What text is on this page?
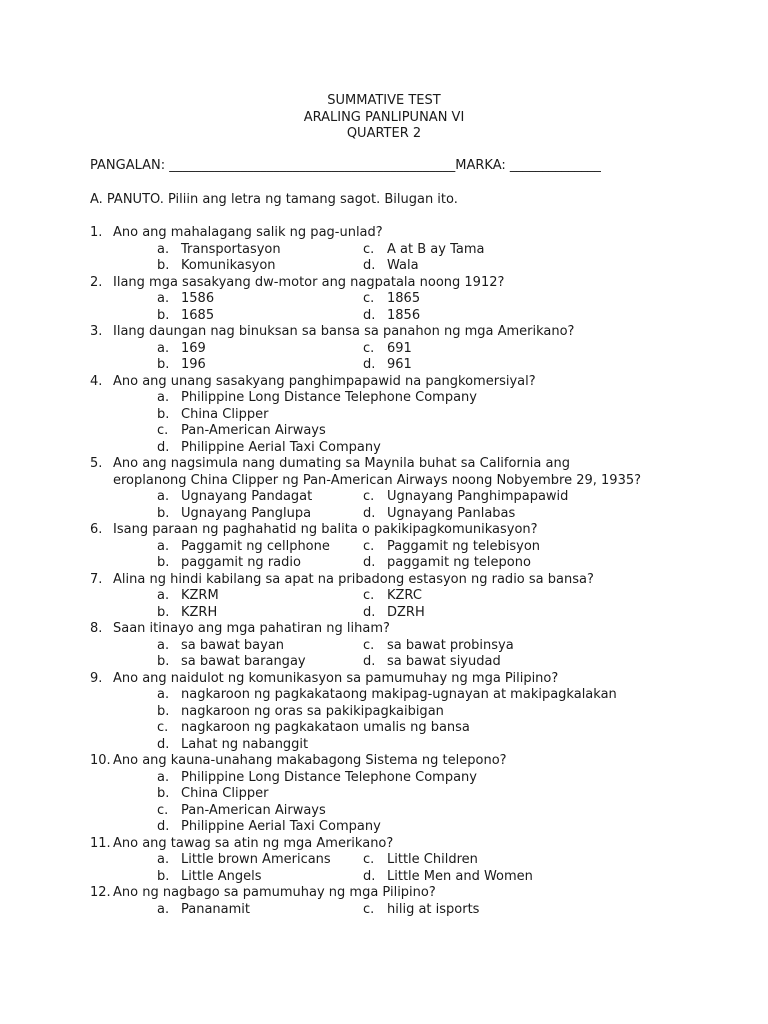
SUMMATIVE TEST
ARALING PANLIPUNAN VI
QUARTER 2
PANGALAN: ____________________________________________MARKA: ______________
A. PANUTO. Piliin ang letra ng tamang sagot. Bilugan ito.
1. Ano ang mahalagang salik ng pag-unlad?
a. Transportasyon	c. A at B ay Tama
b. Komunikasyon	d. Wala
2. Ilang mga sasakyang dw-motor ang nagpatala noong 1912?
a. 1586	c. 1865
b. 1685	d. 1856
3. Ilang daungan nag binuksan sa bansa sa panahon ng mga Amerikano?
a. 169	c. 691
b. 196	d. 961
4. Ano ang unang sasakyang panghimpapawid na pangkomersiyal?
a. Philippine Long Distance Telephone Company
b. China Clipper
c. Pan-American Airways
d. Philippine Aerial Taxi Company
5. Ano ang nagsimula nang dumating sa Maynila buhat sa California ang
eroplanong China Clipper ng Pan-American Airways noong Nobyembre 29, 1935?
a. Ugnayang Pandagat	c. Ugnayang Panghimpapawid
b. Ugnayang Panglupa	d. Ugnayang Panlabas
6. Isang paraan ng paghahatid ng balita o pakikipagkomunikasyon?
a. Paggamit ng cellphone	c. Paggamit ng telebisyon
b. paggamit ng radio	d. paggamit ng telepono
7. Alina ng hindi kabilang sa apat na pribadong estasyon ng radio sa bansa?
a. KZRM	c. KZRC
b. KZRH	d. DZRH
8. Saan itinayo ang mga pahatiran ng liham?
a. sa bawat bayan	c. sa bawat probinsya
b. sa bawat barangay	d. sa bawat siyudad
9. Ano ang naidulot ng komunikasyon sa pamumuhay ng mga Pilipino?
a. nagkaroon ng pagkakataong makipag-ugnayan at makipagkalakan
b. nagkaroon ng oras sa pakikipagkaibigan
c. nagkaroon ng pagkakataon umalis ng bansa
d. Lahat ng nabanggit
10. Ano ang kauna-unahang makabagong Sistema ng telepono?
a. Philippine Long Distance Telephone Company
b. China Clipper
c. Pan-American Airways
d. Philippine Aerial Taxi Company
11. Ano ang tawag sa atin ng mga Amerikano?
a. Little brown Americans c. Little Children
b. Little Angels	d. Little Men and Women
12. Ano ng nagbago sa pamumuhay ng mga Pilipino?
a. Pananamit	c. hilig at isports
